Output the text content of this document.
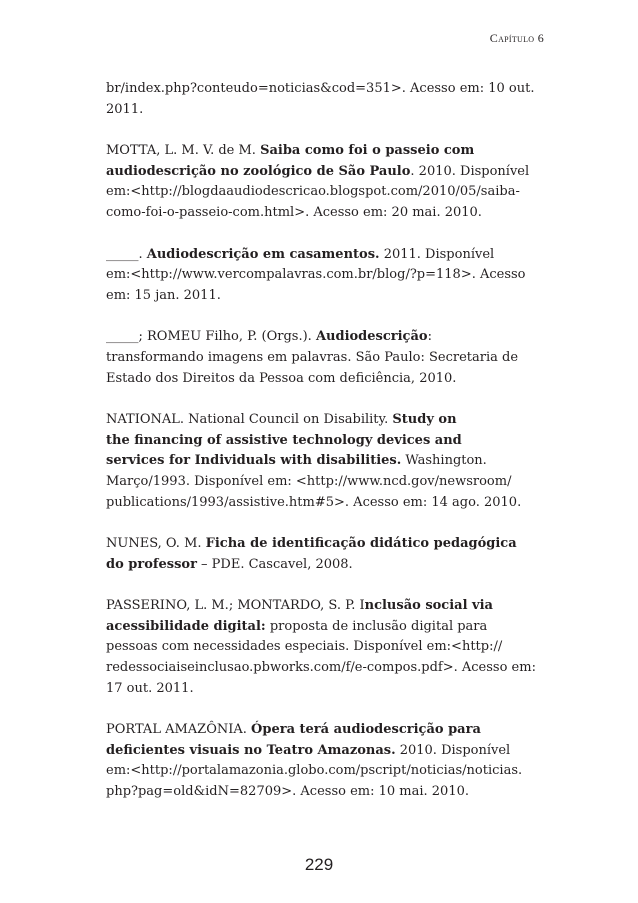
Capítulo 6
br/index.php?conteudo=noticias&cod=351>. Acesso em: 10 out.
2011.
MOTTA, L. M. V. de M. Saiba como foi o passeio com
audiodescrição no zoológico de São Paulo. 2010. Disponível
em:<http://blogdaaudiodescricao.blogspot.com/2010/05/saiba-
como-foi-o-passeio-com.html>. Acesso em: 20 mai. 2010.
_____. Audiodescrição em casamentos. 2011. Disponível
em:<http://www.vercompalavras.com.br/blog/?p=118>. Acesso
em: 15 jan. 2011.
_____; ROMEU Filho, P. (Orgs.). Audiodescrição:
transformando imagens em palavras. São Paulo: Secretaria de
Estado dos Direitos da Pessoa com deficiência, 2010.
NATIONAL. National Council on Disability. Study on
the financing of assistive technology devices and
services for Individuals with disabilities. Washington.
Março/1993. Disponível em: <http://www.ncd.gov/newsroom/
publications/1993/assistive.htm#5>. Acesso em: 14 ago. 2010.
NUNES, O. M. Ficha de identificação didático pedagógica
do professor – PDE. Cascavel, 2008.
PASSERINO, L. M.; MONTARDO, S. P. Inclusão social via
acessibilidade digital: proposta de inclusão digital para
pessoas com necessidades especiais. Disponível em:<http://
redessociaiseinclusao.pbworks.com/f/e-compos.pdf>. Acesso em:
17 out. 2011.
PORTAL AMAZÔNIA. Ópera terá audiodescrição para
deficientes visuais no Teatro Amazonas. 2010. Disponível
em:<http://portalamazonia.globo.com/pscript/noticias/noticias.
php?pag=old&idN=82709>. Acesso em: 10 mai. 2010.
229
